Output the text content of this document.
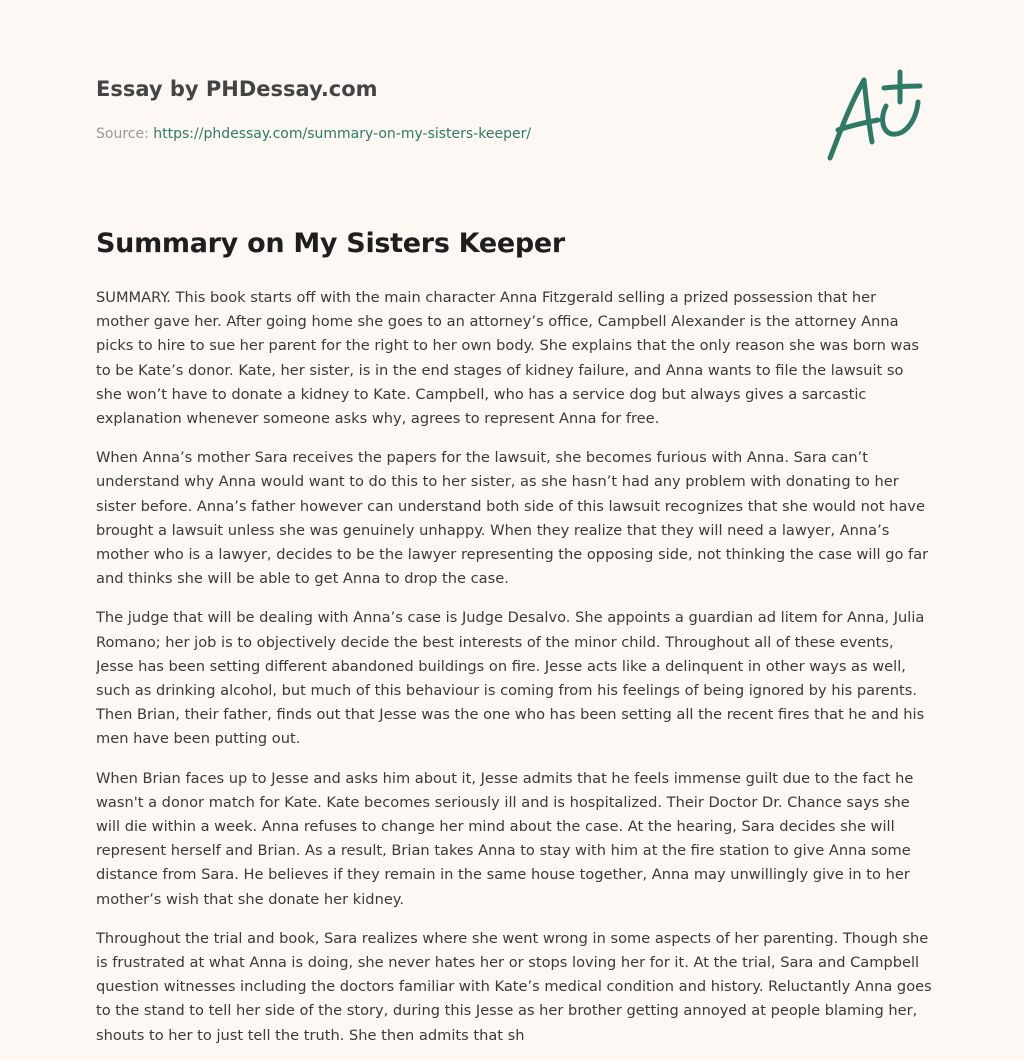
Essay by PHDessay.com
Source: https://phdessay.com/summary-on-my-sisters-keeper/
Summary on My Sisters Keeper

SUMMARY. This book starts off with the main character Anna Fitzgerald selling a prized possession that her mother gave her. After going home she goes to an attorney’s office, Campbell Alexander is the attorney Anna picks to hire to sue her parent for the right to her own body. She explains that the only reason she was born was to be Kate’s donor. Kate, her sister, is in the end stages of kidney failure, and Anna wants to file the lawsuit so she won’t have to donate a kidney to Kate. Campbell, who has a service dog but always gives a sarcastic explanation whenever someone asks why, agrees to represent Anna for free.

When Anna’s mother Sara receives the papers for the lawsuit, she becomes furious with Anna. Sara can’t understand why Anna would want to do this to her sister, as she hasn’t had any problem with donating to her sister before. Anna’s father however can understand both side of this lawsuit recognizes that she would not have brought a lawsuit unless she was genuinely unhappy. When they realize that they will need a lawyer, Anna’s mother who is a lawyer, decides to be the lawyer representing the opposing side, not thinking the case will go far and thinks she will be able to get Anna to drop the case.

The judge that will be dealing with Anna’s case is Judge Desalvo. She appoints a guardian ad litem for Anna, Julia Romano; her job is to objectively decide the best interests of the minor child. Throughout all of these events, Jesse has been setting different abandoned buildings on fire. Jesse acts like a delinquent in other ways as well, such as drinking alcohol, but much of this behaviour is coming from his feelings of being ignored by his parents. Then Brian, their father, finds out that Jesse was the one who has been setting all the recent fires that he and his men have been putting out.

When Brian faces up to Jesse and asks him about it, Jesse admits that he feels immense guilt due to the fact he wasn't a donor match for Kate. Kate becomes seriously ill and is hospitalized. Their Doctor Dr. Chance says she will die within a week. Anna refuses to change her mind about the case. At the hearing, Sara decides she will represent herself and Brian. As a result, Brian takes Anna to stay with him at the fire station to give Anna some distance from Sara. He believes if they remain in the same house together, Anna may unwillingly give in to her mother’s wish that she donate her kidney.

Throughout the trial and book, Sara realizes where she went wrong in some aspects of her parenting. Though she is frustrated at what Anna is doing, she never hates her or stops loving her for it. At the trial, Sara and Campbell question witnesses including the doctors familiar with Kate’s medical condition and history. Reluctantly Anna goes to the stand to tell her side of the story, during this Jesse as her brother getting annoyed at people blaming her, shouts to her to just tell the truth. She then admits that sh
